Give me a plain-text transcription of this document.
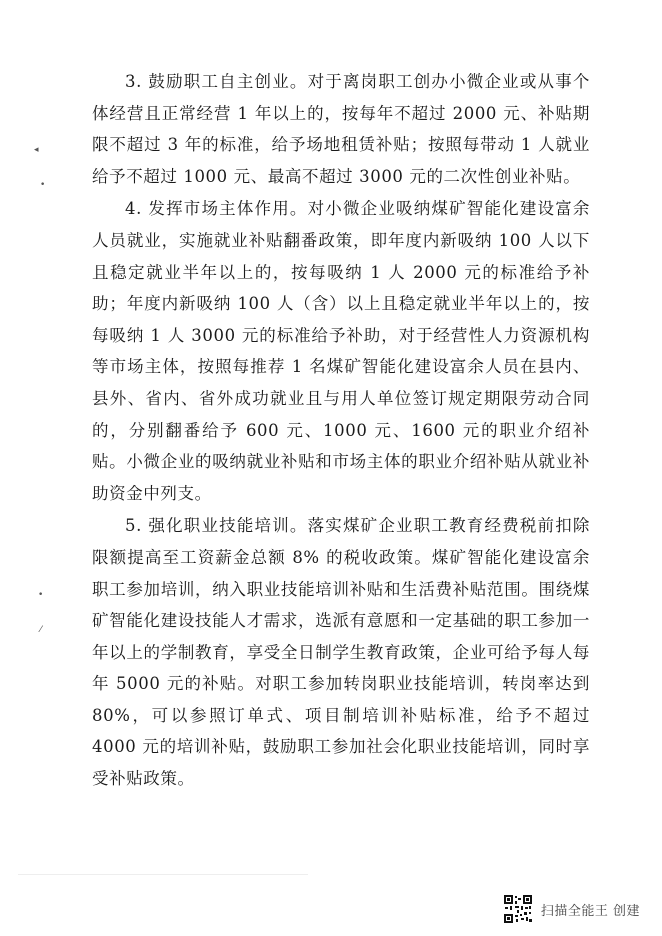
◂
•
•
⁄

3. 鼓励职工自主创业。对于离岗职工创办小微企业或从事个体经营且正常经营 1 年以上的，按每年不超过 2000 元、补贴期限不超过 3 年的标准，给予场地租赁补贴；按照每带动 1 人就业给予不超过 1000 元、最高不超过 3000 元的二次性创业补贴。

4. 发挥市场主体作用。对小微企业吸纳煤矿智能化建设富余人员就业，实施就业补贴翻番政策，即年度内新吸纳 100 人以下且稳定就业半年以上的，按每吸纳 1 人 2000 元的标准给予补助；年度内新吸纳 100 人（含）以上且稳定就业半年以上的，按每吸纳 1 人 3000 元的标准给予补助，对于经营性人力资源机构等市场主体，按照每推荐 1 名煤矿智能化建设富余人员在县内、县外、省内、省外成功就业且与用人单位签订规定期限劳动合同的，分别翻番给予 600 元、1000 元、1600 元的职业介绍补贴。小微企业的吸纳就业补贴和市场主体的职业介绍补贴从就业补助资金中列支。

5. 强化职业技能培训。落实煤矿企业职工教育经费税前扣除限额提高至工资薪金总额 8% 的税收政策。煤矿智能化建设富余职工参加培训，纳入职业技能培训补贴和生活费补贴范围。围绕煤矿智能化建设技能人才需求，选派有意愿和一定基础的职工参加一年以上的学制教育，享受全日制学生教育政策，企业可给予每人每年 5000 元的补贴。对职工参加转岗职业技能培训，转岗率达到 80%，可以参照订单式、项目制培训补贴标准，给予不超过 4000 元的培训补贴，鼓励职工参加社会化职业技能培训，同时享受补贴政策。

扫描全能王 创建
